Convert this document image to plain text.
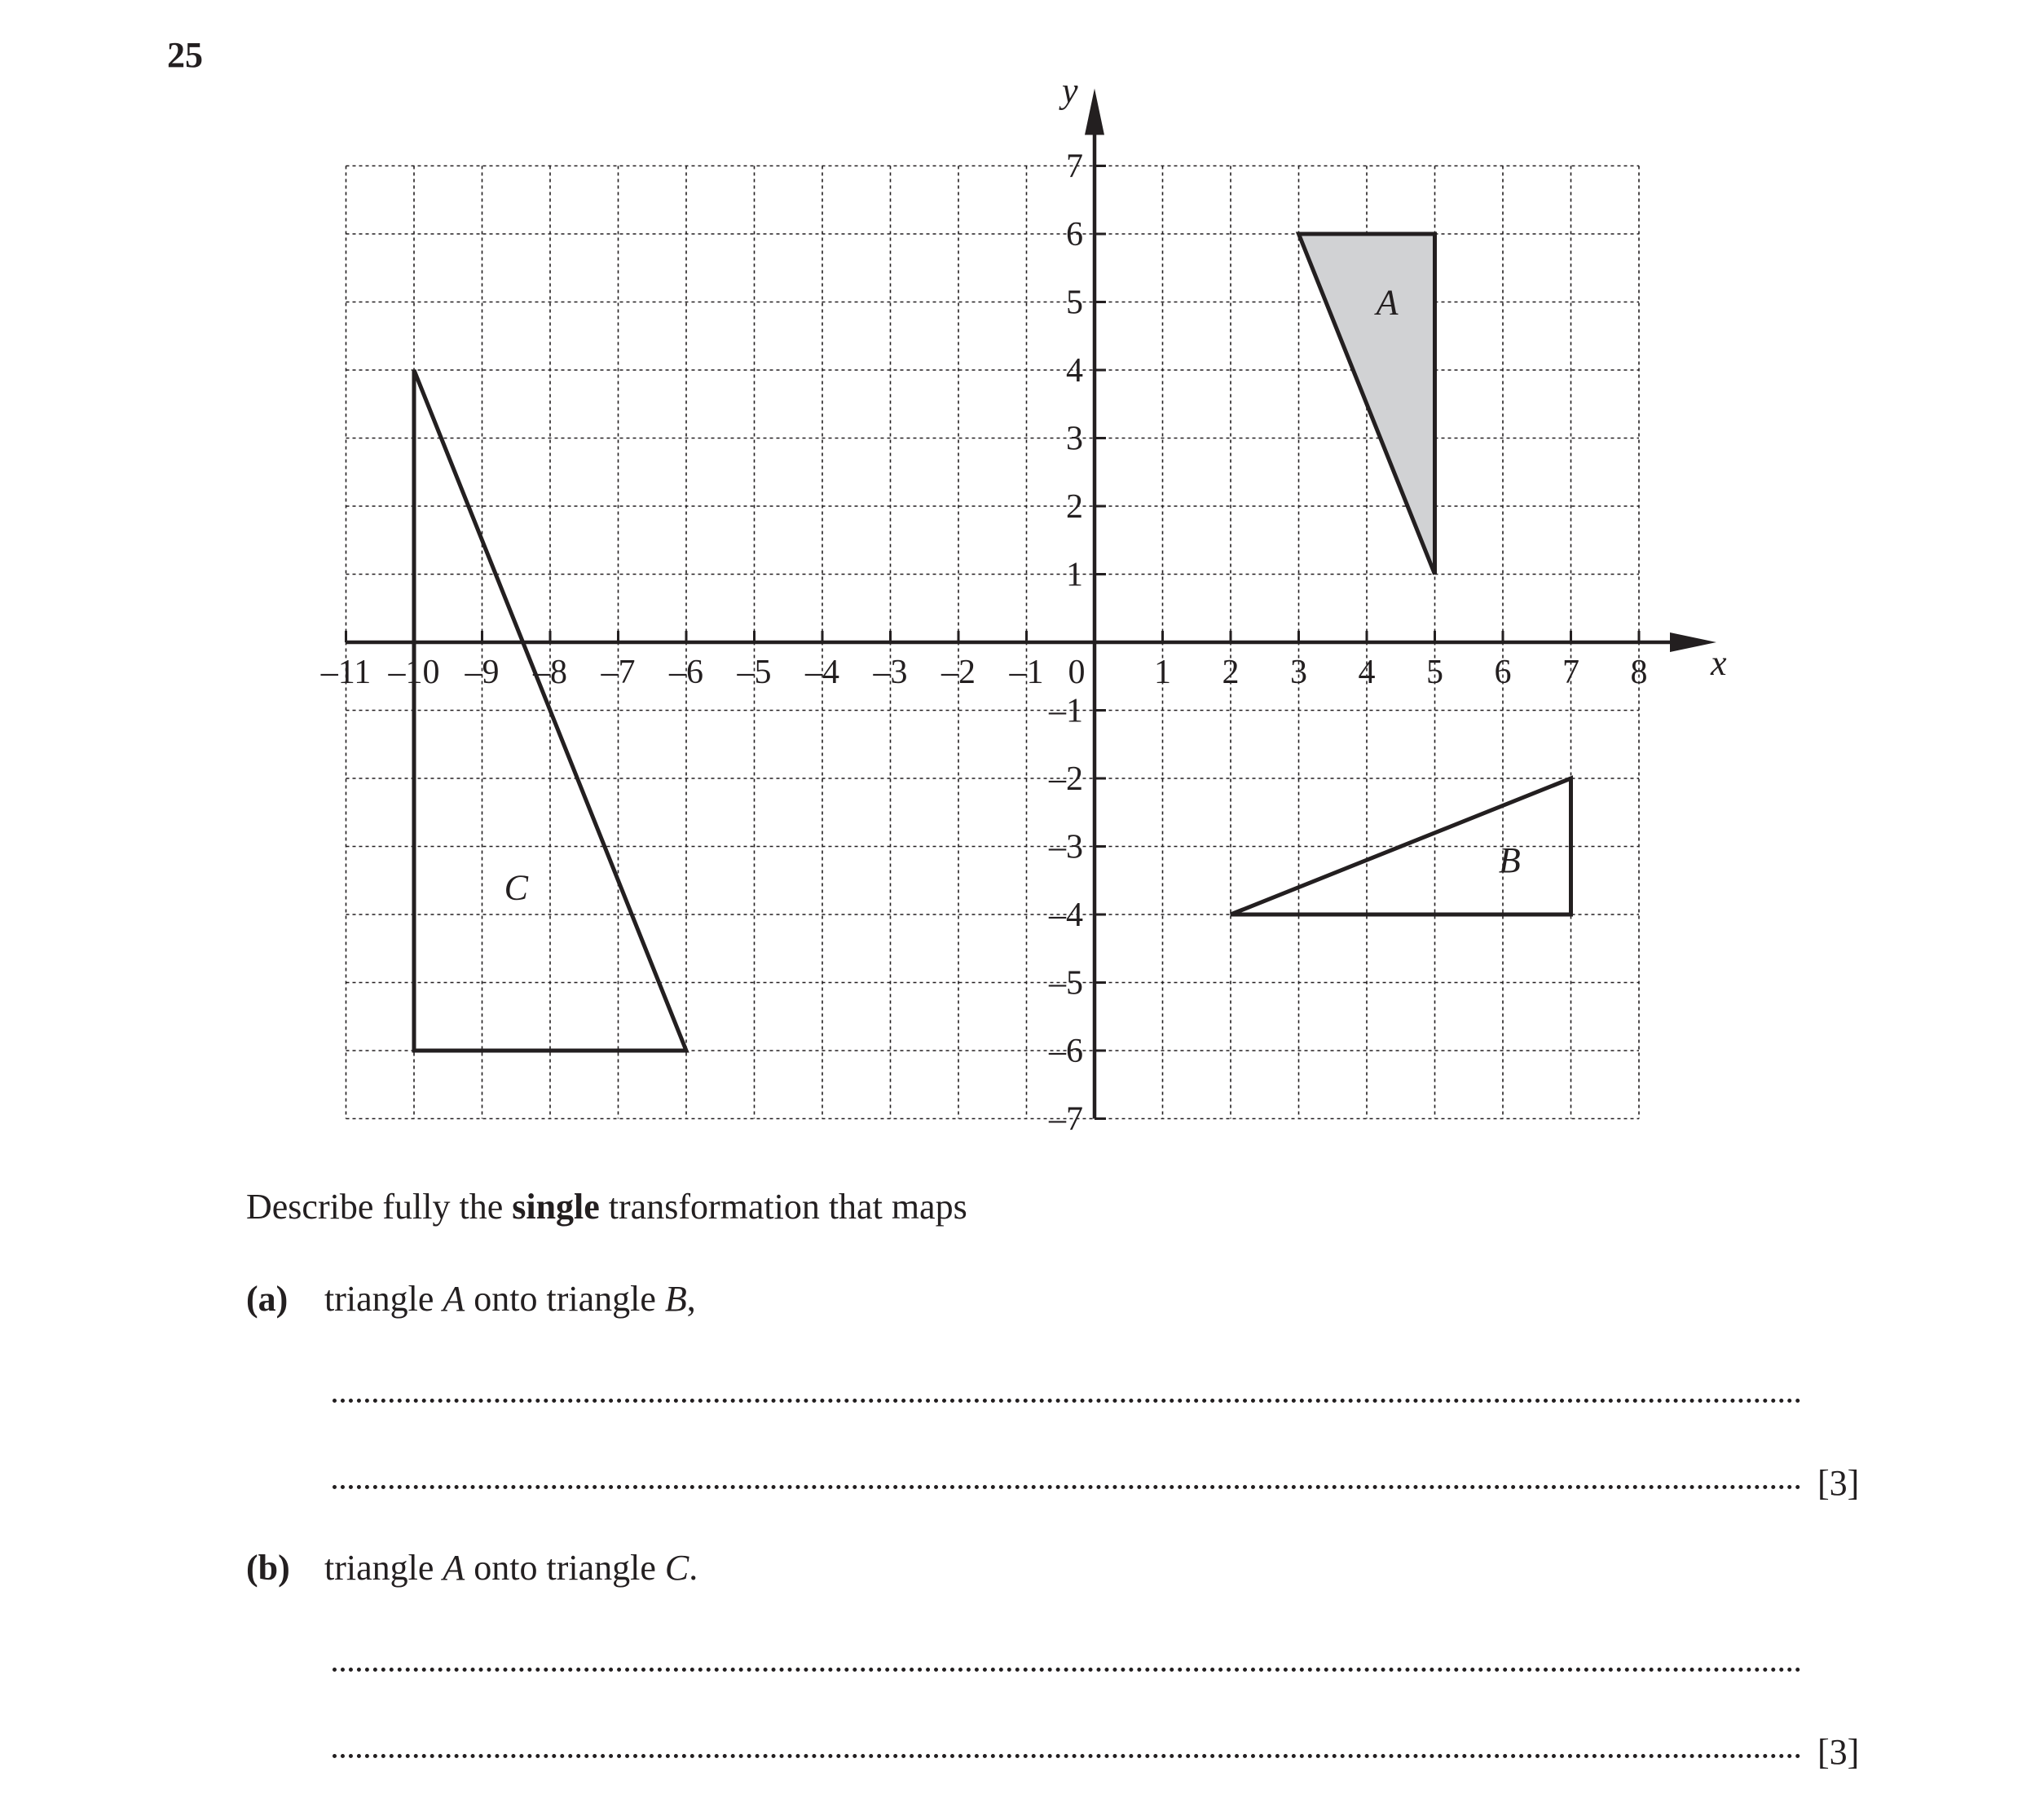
25
–11 –10 –9 –8 –7 –6 –5 –4 –3 –2 –1 0 1 2 3 4 5 6 7 8
7
6
5
4
3
2
1
–1
–2
–3
–4
–5
–6
–7
x
y
A
B
C
Describe fully the single transformation that maps
(a) triangle A onto triangle B,
[3]
(b) triangle A onto triangle C.
[3]
